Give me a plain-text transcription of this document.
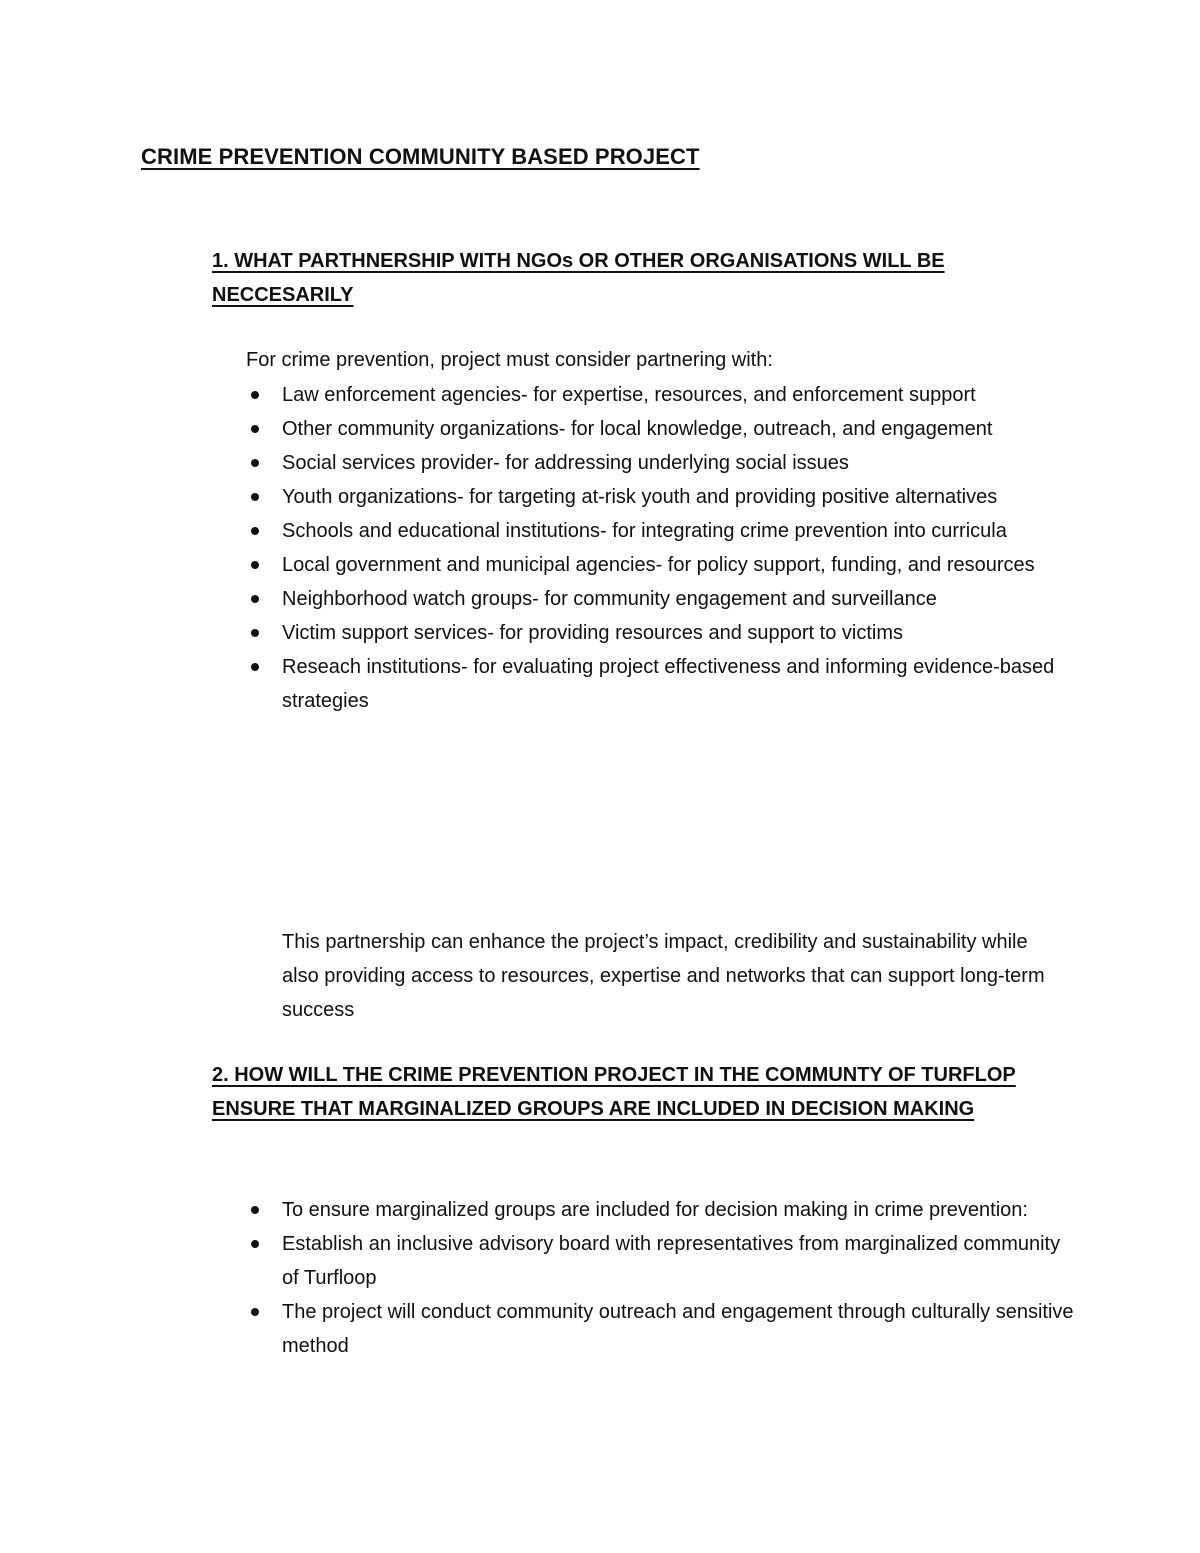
CRIME PREVENTION COMMUNITY BASED PROJECT
1. WHAT PARTHNERSHIP WITH NGOs OR OTHER ORGANISATIONS WILL BE NECCESARILY

For crime prevention, project must consider partnering with:

Law enforcement agencies- for expertise, resources, and enforcement support
Other community organizations- for local knowledge, outreach, and engagement
Social services provider- for addressing underlying social issues
Youth organizations- for targeting at-risk youth and providing positive alternatives
Schools and educational institutions- for integrating crime prevention into curricula
Local government and municipal agencies- for policy support, funding, and resources
Neighborhood watch groups- for community engagement and surveillance
Victim support services- for providing resources and support to victims
Reseach institutions- for evaluating project effectiveness and informing evidence-based strategies

This partnership can enhance the project’s impact, credibility and sustainability while also providing access to resources, expertise and networks that can support long-term success

2. HOW WILL THE CRIME PREVENTION PROJECT IN THE COMMUNTY OF TURFLOP ENSURE THAT MARGINALIZED GROUPS ARE INCLUDED IN DECISION MAKING
To ensure marginalized groups are included for decision making in crime prevention:
Establish an inclusive advisory board with representatives from marginalized community of Turfloop
The project will conduct community outreach and engagement through culturally sensitive method
